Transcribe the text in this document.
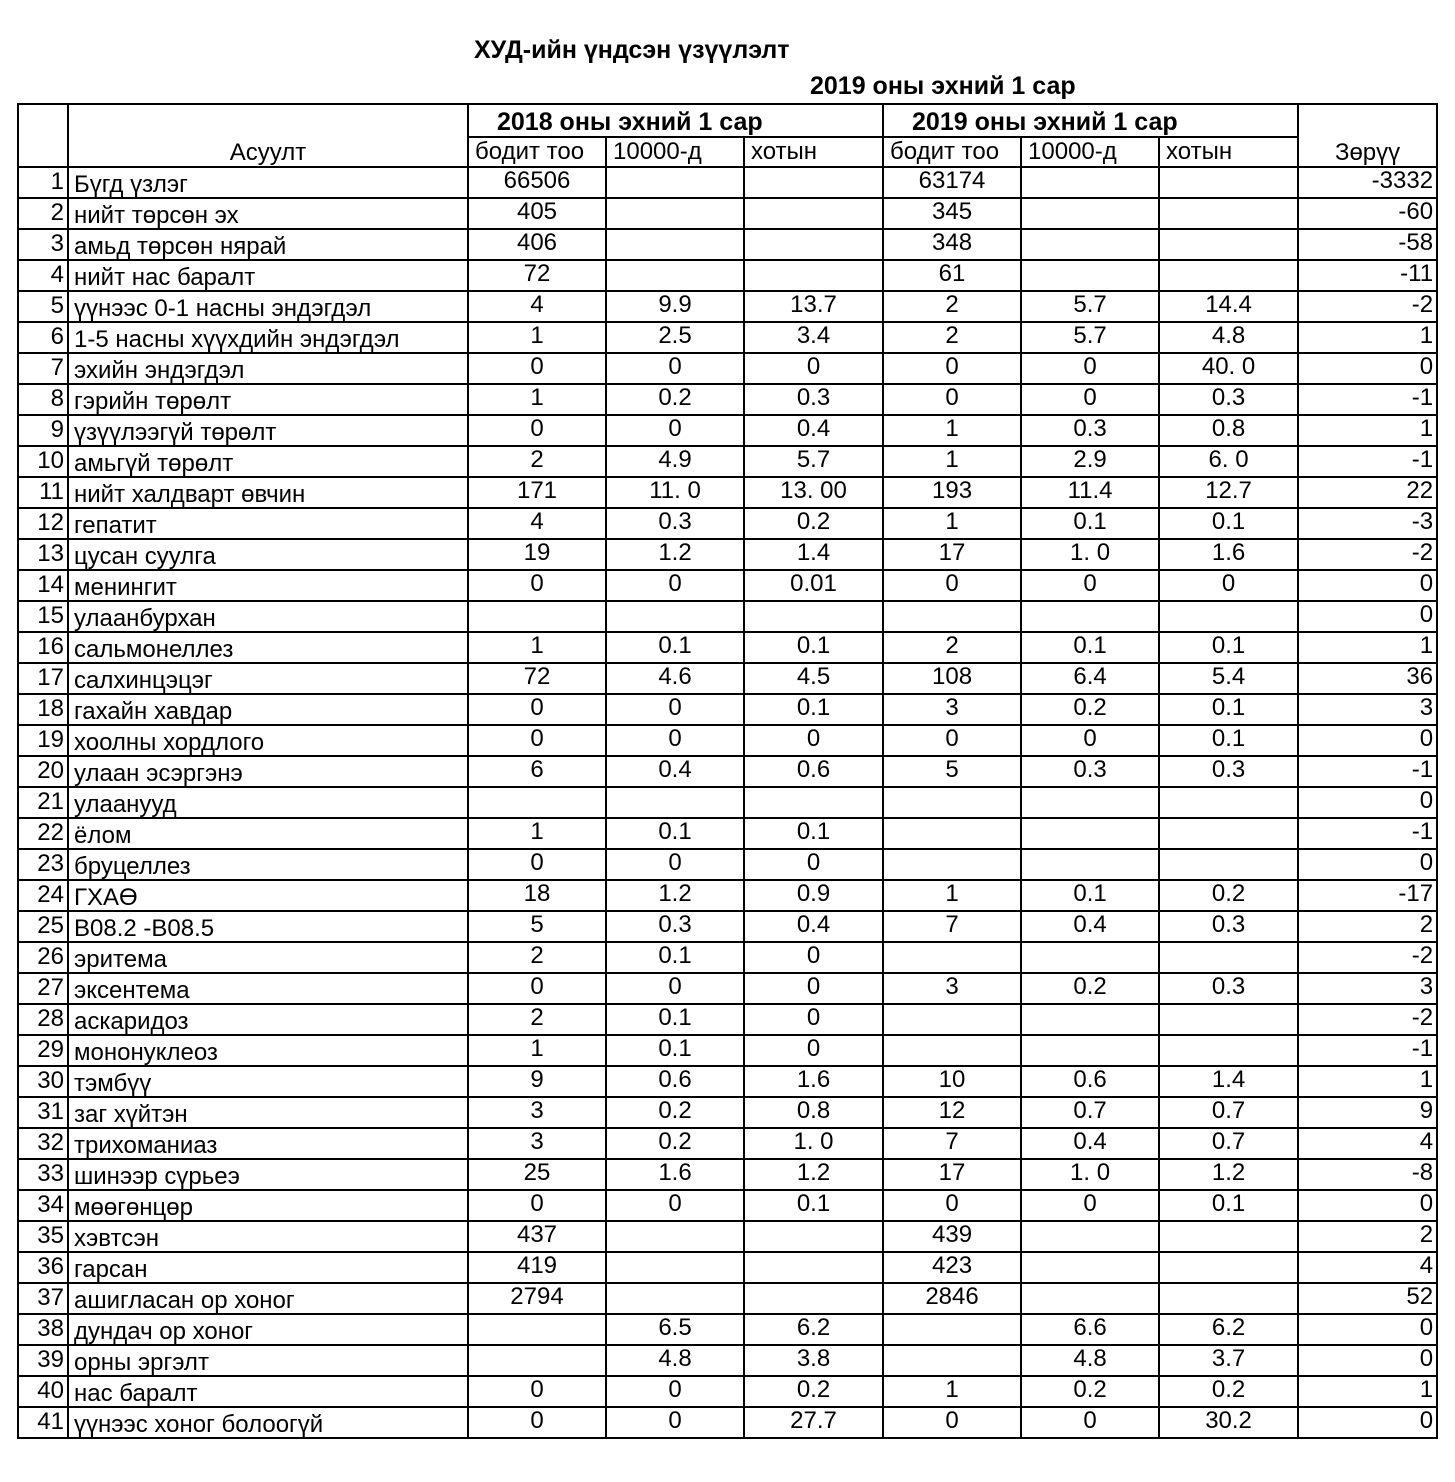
ХУД-ийн үндсэн үзүүлэлт
2019 оны эхний 1 сар
		2018 оны эхний 1 сар			2019 оны эхний 1 сар			
	Асуулт	бодит тоо	10000-д	хотын	бодит тоо	10000-д	хотын	Зөрүү
1	Бүгд үзлэг	66506			63174			-3332
2	нийт төрсөн эх	405			345			-60
3	амьд төрсөн нярай	406			348			-58
4	нийт нас баралт	72			61			-11
5	үүнээс 0-1 насны эндэгдэл	4	9.9	13.7	2	5.7	14.4	-2
6	1-5 насны хүүхдийн эндэгдэл	1	2.5	3.4	2	5.7	4.8	1
7	эхийн эндэгдэл	0	0	0	0	0	40. 0	0
8	гэрийн төрөлт	1	0.2	0.3	0	0	0.3	-1
9	үзүүлээгүй төрөлт	0	0	0.4	1	0.3	0.8	1
10	амьгүй төрөлт	2	4.9	5.7	1	2.9	6. 0	-1
11	нийт халдварт өвчин	171	11. 0	13. 00	193	11.4	12.7	22
12	гепатит	4	0.3	0.2	1	0.1	0.1	-3
13	цусан суулга	19	1.2	1.4	17	1. 0	1.6	-2
14	менингит	0	0	0.01	0	0	0	0
15	улаанбурхан							0
16	сальмонеллез	1	0.1	0.1	2	0.1	0.1	1
17	салхинцэцэг	72	4.6	4.5	108	6.4	5.4	36
18	гахайн хавдар	0	0	0.1	3	0.2	0.1	3
19	хоолны хордлого	0	0	0	0	0	0.1	0
20	улаан эсэргэнэ	6	0.4	0.6	5	0.3	0.3	-1
21	улаанууд							0
22	ёлом	1	0.1	0.1				-1
23	бруцеллез	0	0	0				0
24	ГХАӨ	18	1.2	0.9	1	0.1	0.2	-17
25	В08.2 -В08.5	5	0.3	0.4	7	0.4	0.3	2
26	эритема	2	0.1	0				-2
27	эксентема	0	0	0	3	0.2	0.3	3
28	аскаридоз	2	0.1	0				-2
29	мононуклеоз	1	0.1	0				-1
30	тэмбүү	9	0.6	1.6	10	0.6	1.4	1
31	заг хүйтэн	3	0.2	0.8	12	0.7	0.7	9
32	трихоманиаз	3	0.2	1. 0	7	0.4	0.7	4
33	шинээр сүрьеэ	25	1.6	1.2	17	1. 0	1.2	-8
34	мөөгөнцөр	0	0	0.1	0	0	0.1	0
35	хэвтсэн	437			439			2
36	гарсан	419			423			4
37	ашигласан ор хоног	2794			2846			52
38	дундач ор хоног		6.5	6.2		6.6	6.2	0
39	орны эргэлт		4.8	3.8		4.8	3.7	0
40	нас баралт	0	0	0.2	1	0.2	0.2	1
41	үүнээс хоног болоогүй	0	0	27.7	0	0	30.2	0
